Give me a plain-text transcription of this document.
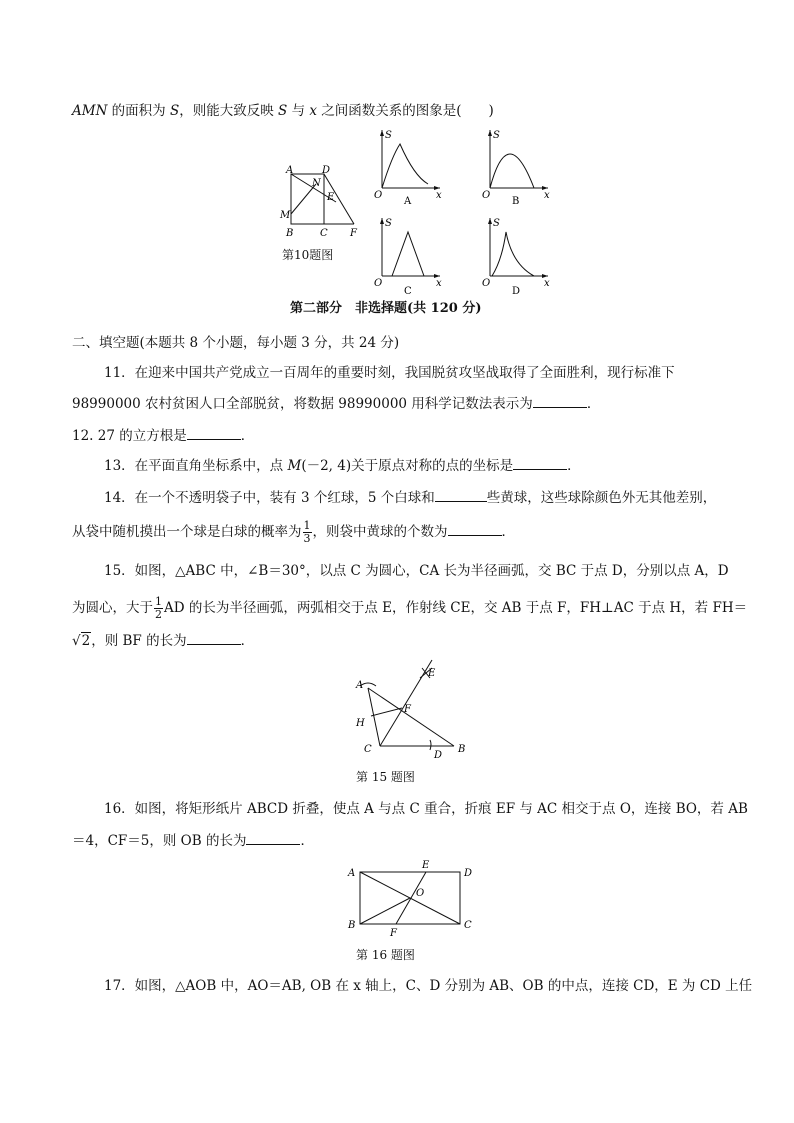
AMN 的面积为 S，则能大致反映 S 与 x 之间函数关系的图象是(　　)
A	D
N
E
M
B	C F
第10题图
S
x
O
A
S
x
O
B
S
x
O
C
S
x
O
D
第二部分　非选择题(共 120 分)
二、填空题(本题共 8 个小题，每小题 3 分，共 24 分)
11．在迎来中国共产党成立一百周年的重要时刻，我国脱贫攻坚战取得了全面胜利，现行标准下
98990000 农村贫困人口全部脱贫，将数据 98990000 用科学记数法表示为	．
12. 27 的立方根是	．
13．在平面直角坐标系中，点 M(－2, 4)关于原点对称的点的坐标是	．
14．在一个不透明袋子中，装有 3 个红球，5 个白球和	些黄球，这些球除颜色外无其他差别，
从袋中随机摸出一个球是白球的概率为 $\frac{1}{3}$ ，则袋中黄球的个数为	．
15．如图，△ABC 中，∠B＝30°，以点 C 为圆心，CA 长为半径画弧，交 BC 于点 D，分别以点 A，D
为圆心，大于 $\frac{1}{2}$ AD 的长为半径画弧，两弧相交于点 E，作射线 CE，交 AB 于点 F，FH⊥AC 于点 H，若 FH＝
√2，则 BF 的长为	．
A
E
F
H
C
D
B
第 15 题图
16．如图，将矩形纸片 ABCD 折叠，使点 A 与点 C 重合，折痕 EF 与 AC 相交于点 O，连接 BO，若 AB
＝4，CF＝5，则 OB 的长为	．
A
E
D
O
B
F
C
第 16 题图
17．如图，△AOB 中，AO＝AB, OB 在 x 轴上，C、D 分别为 AB、OB 的中点，连接 CD，E 为 CD 上任
